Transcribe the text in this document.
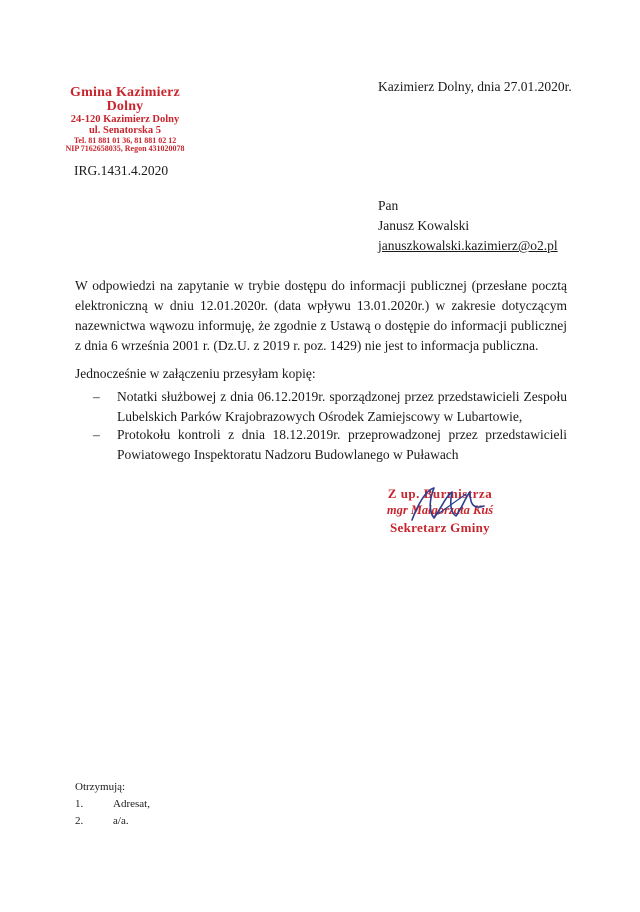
Gmina Kazimierz Dolny
24-120 Kazimierz Dolny
ul. Senatorska 5
Tel. 81 881 01 36, 81 881 02 12
NIP 7162658035, Regon 431020078
Kazimierz Dolny, dnia 27.01.2020r.
IRG.1431.4.2020
Pan
Janusz Kowalski
januszkowalski.kazimierz@o2.pl
W odpowiedzi na zapytanie w trybie dostępu do informacji publicznej (przesłane pocztą elektroniczną w dniu 12.01.2020r. (data wpływu 13.01.2020r.) w zakresie dotyczącym nazewnictwa wąwozu informuję, że zgodnie z Ustawą o dostępie do informacji publicznej z dnia 6 września 2001 r. (Dz.U. z 2019 r. poz. 1429) nie jest to informacja publiczna.
Jednocześnie w załączeniu przesyłam kopię:
– Notatki służbowej z dnia 06.12.2019r. sporządzonej przez przedstawicieli Zespołu
Lubelskich Parków Krajobrazowych Ośrodek Zamiejscowy w Lubartowie,
– Protokołu kontroli z dnia 18.12.2019r. przeprowadzonej przez przedstawicieli
Powiatowego Inspektoratu Nadzoru Budowlanego w Puławach
Z up. Burmistrza
mgr Małgorzata Kuś
Sekretarz Gminy
Otrzymują:
1.	Adresat,
2.	a/a.
